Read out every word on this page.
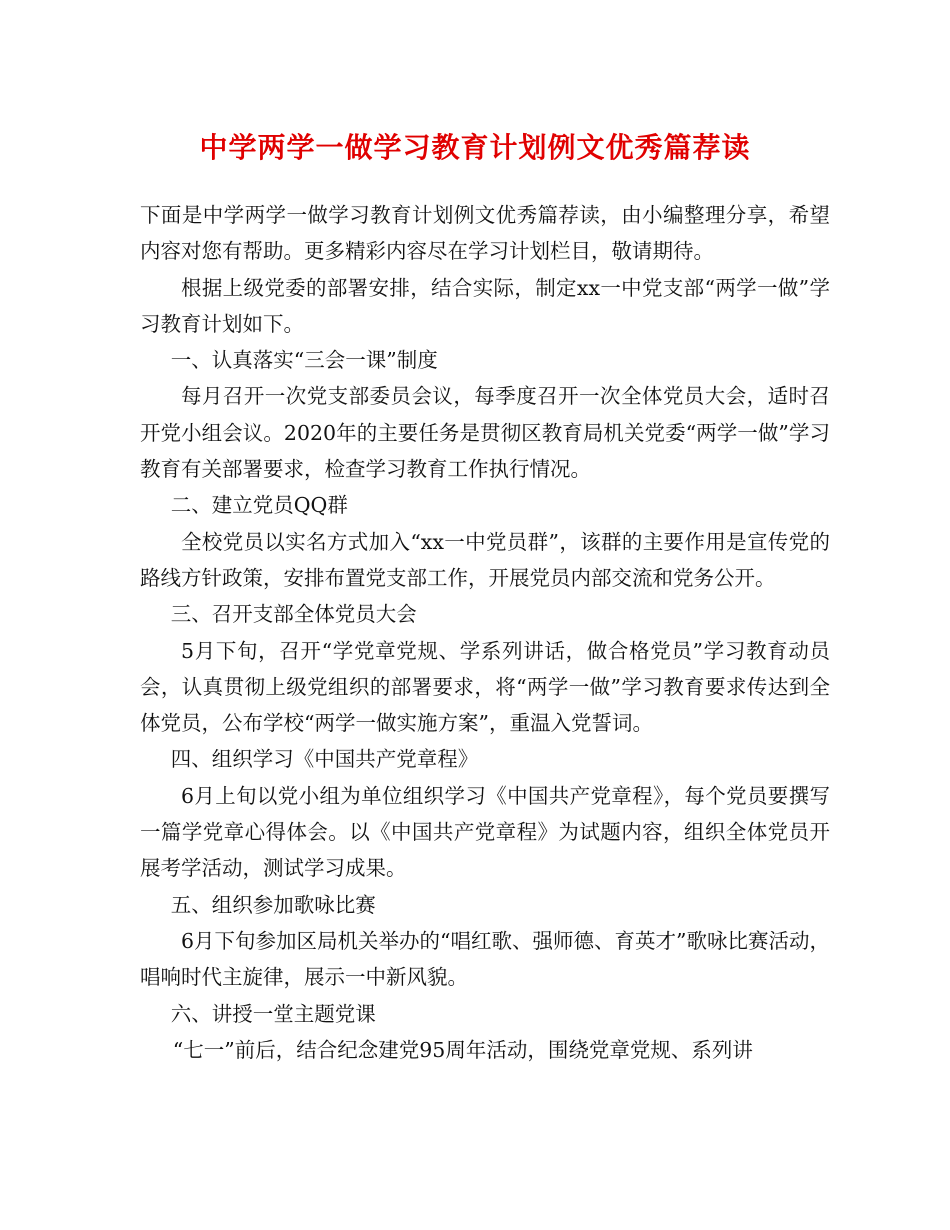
中学两学一做学习教育计划例文优秀篇荐读

下面是中学两学一做学习教育计划例文优秀篇荐读，由小编整理分享，希望内容对您有帮助。更多精彩内容尽在学习计划栏目，敬请期待。

根据上级党委的部署安排，结合实际，制定xx一中党支部“两学一做”学习教育计划如下。

一、认真落实“三会一课”制度

每月召开一次党支部委员会议，每季度召开一次全体党员大会，适时召开党小组会议。2020年的主要任务是贯彻区教育局机关党委“两学一做”学习教育有关部署要求，检查学习教育工作执行情况。

二、建立党员QQ群

全校党员以实名方式加入“xx一中党员群”，该群的主要作用是宣传党的路线方针政策，安排布置党支部工作，开展党员内部交流和党务公开。

三、召开支部全体党员大会

5月下旬，召开“学党章党规、学系列讲话，做合格党员”学习教育动员会，认真贯彻上级党组织的部署要求，将“两学一做”学习教育要求传达到全体党员，公布学校“两学一做实施方案”，重温入党誓词。

四、组织学习《中国共产党章程》

6月上旬以党小组为单位组织学习《中国共产党章程》，每个党员要撰写一篇学党章心得体会。以《中国共产党章程》为试题内容，组织全体党员开展考学活动，测试学习成果。

五、组织参加歌咏比赛

6月下旬参加区局机关举办的“唱红歌、强师德、育英才”歌咏比赛活动，唱响时代主旋律，展示一中新风貌。

六、讲授一堂主题党课

“七一”前后，结合纪念建党95周年活动，围绕党章党规、系列讲
